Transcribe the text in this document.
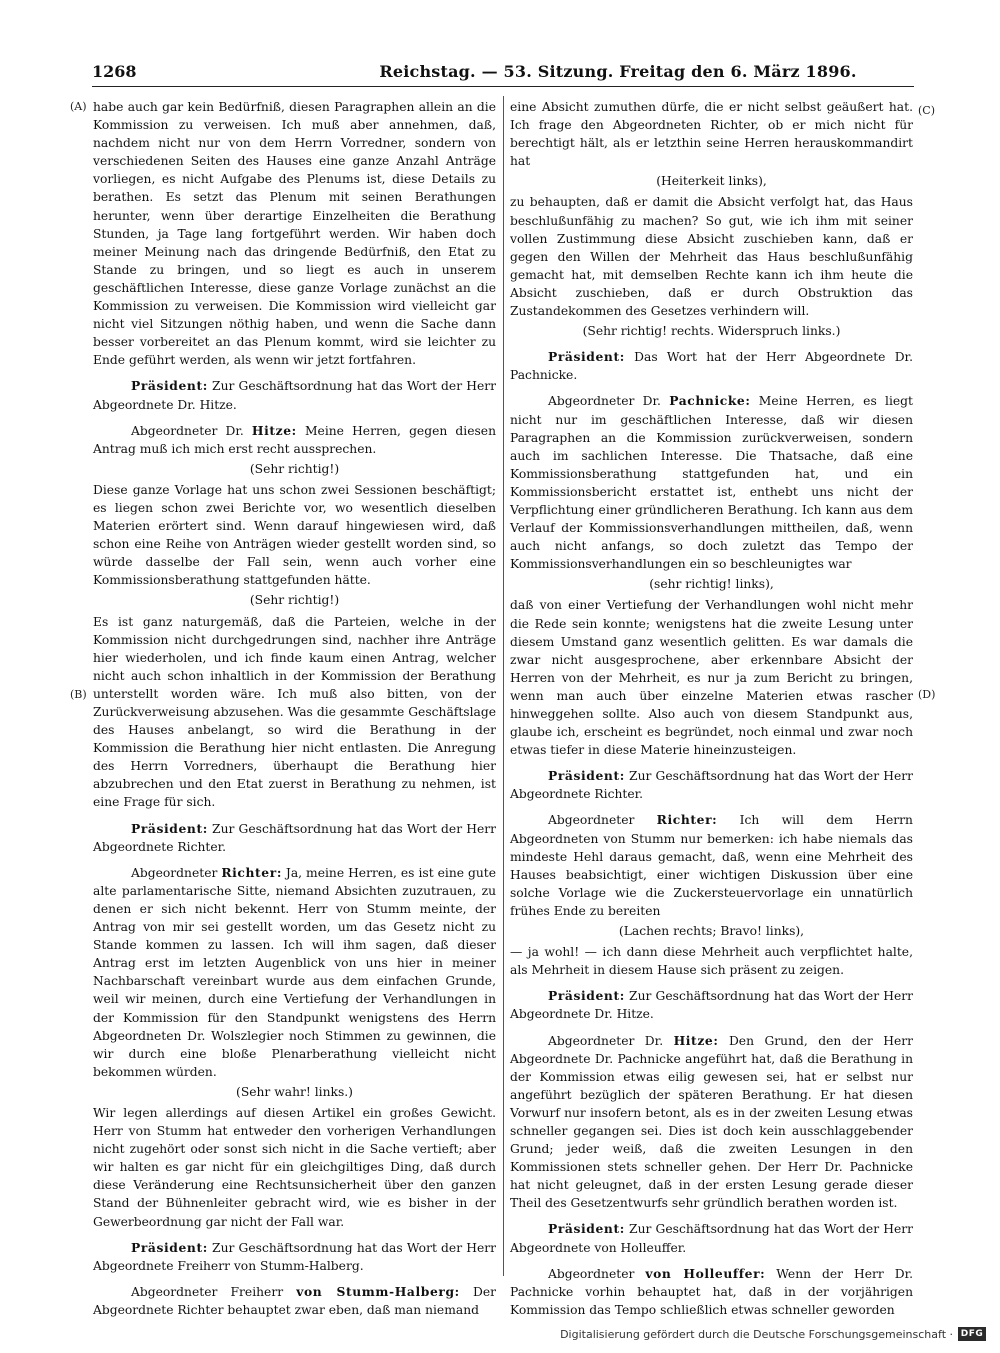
1268	Reichstag. — 53. Sitzung. Freitag den 6. März 1896.
(A)
(B)
(C)
(D)

habe auch gar kein Bedürfniß, diesen Paragraphen allein an die Kommission zu verweisen. Ich muß aber annehmen, daß, nachdem nicht nur von dem Herrn Vorredner, sondern von verschiedenen Seiten des Hauses eine ganze Anzahl Anträge vorliegen, es nicht Aufgabe des Plenums ist, diese Details zu berathen. Es setzt das Plenum mit seinen Berathungen herunter, wenn über derartige Einzelheiten die Berathung Stunden, ja Tage lang fortgeführt werden. Wir haben doch meiner Meinung nach das dringende Bedürfniß, den Etat zu Stande zu bringen, und so liegt es auch in unserem geschäftlichen Interesse, diese ganze Vorlage zunächst an die Kommission zu verweisen. Die Kommission wird vielleicht gar nicht viel Sitzungen nöthig haben, und wenn die Sache dann besser vorbereitet an das Plenum kommt, wird sie leichter zu Ende geführt werden, als wenn wir jetzt fortfahren.

Präsident: Zur Geschäftsordnung hat das Wort der Herr Abgeordnete Dr. Hitze.

Abgeordneter Dr. Hitze: Meine Herren, gegen diesen Antrag muß ich mich erst recht aussprechen.

(Sehr richtig!)

Diese ganze Vorlage hat uns schon zwei Sessionen beschäftigt; es liegen schon zwei Berichte vor, wo wesentlich dieselben Materien erörtert sind. Wenn darauf hingewiesen wird, daß schon eine Reihe von Anträgen wieder gestellt worden sind, so würde dasselbe der Fall sein, wenn auch vorher eine Kommissionsberathung stattgefunden hätte.

(Sehr richtig!)

Es ist ganz naturgemäß, daß die Parteien, welche in der Kommission nicht durchgedrungen sind, nachher ihre Anträge hier wiederholen, und ich finde kaum einen Antrag, welcher nicht auch schon inhaltlich in der Kommission der Berathung unterstellt worden wäre. Ich muß also bitten, von der Zurückverweisung abzusehen. Was die gesammte Geschäftslage des Hauses anbelangt, so wird die Berathung in der Kommission die Berathung hier nicht entlasten. Die Anregung des Herrn Vorredners, überhaupt die Berathung hier abzubrechen und den Etat zuerst in Berathung zu nehmen, ist eine Frage für sich.

Präsident: Zur Geschäftsordnung hat das Wort der Herr Abgeordnete Richter.

Abgeordneter Richter: Ja, meine Herren, es ist eine gute alte parlamentarische Sitte, niemand Absichten zuzutrauen, zu denen er sich nicht bekennt. Herr von Stumm meinte, der Antrag von mir sei gestellt worden, um das Gesetz nicht zu Stande kommen zu lassen. Ich will ihm sagen, daß dieser Antrag erst im letzten Augenblick von uns hier in meiner Nachbarschaft vereinbart wurde aus dem einfachen Grunde, weil wir meinen, durch eine Vertiefung der Verhandlungen in der Kommission für den Standpunkt wenigstens des Herrn Abgeordneten Dr. Wolszlegier noch Stimmen zu gewinnen, die wir durch eine bloße Plenarberathung vielleicht nicht bekommen würden.

(Sehr wahr! links.)

Wir legen allerdings auf diesen Artikel ein großes Gewicht. Herr von Stumm hat entweder den vorherigen Verhandlungen nicht zugehört oder sonst sich nicht in die Sache vertieft; aber wir halten es gar nicht für ein gleichgiltiges Ding, daß durch diese Veränderung eine Rechtsunsicherheit über den ganzen Stand der Bühnenleiter gebracht wird, wie es bisher in der Gewerbeordnung gar nicht der Fall war.

Präsident: Zur Geschäftsordnung hat das Wort der Herr Abgeordnete Freiherr von Stumm-Halberg.

Abgeordneter Freiherr von Stumm-Halberg: Der Abgeordnete Richter behauptet zwar eben, daß man niemand

eine Absicht zumuthen dürfe, die er nicht selbst geäußert hat. Ich frage den Abgeordneten Richter, ob er mich nicht für berechtigt hält, als er letzthin seine Herren herauskommandirt hat

(Heiterkeit links),

zu behaupten, daß er damit die Absicht verfolgt hat, das Haus beschlußunfähig zu machen? So gut, wie ich ihm mit seiner vollen Zustimmung diese Absicht zuschieben kann, daß er gegen den Willen der Mehrheit das Haus beschlußunfähig gemacht hat, mit demselben Rechte kann ich ihm heute die Absicht zuschieben, daß er durch Obstruktion das Zustandekommen des Gesetzes verhindern will.

(Sehr richtig! rechts. Widerspruch links.)

Präsident: Das Wort hat der Herr Abgeordnete Dr. Pachnicke.

Abgeordneter Dr. Pachnicke: Meine Herren, es liegt nicht nur im geschäftlichen Interesse, daß wir diesen Paragraphen an die Kommission zurückverweisen, sondern auch im sachlichen Interesse. Die Thatsache, daß eine Kommissionsberathung stattgefunden hat, und ein Kommissionsbericht erstattet ist, enthebt uns nicht der Verpflichtung einer gründlicheren Berathung. Ich kann aus dem Verlauf der Kommissionsverhandlungen mittheilen, daß, wenn auch nicht anfangs, so doch zuletzt das Tempo der Kommissionsverhandlungen ein so beschleunigtes war

(sehr richtig! links),

daß von einer Vertiefung der Verhandlungen wohl nicht mehr die Rede sein konnte; wenigstens hat die zweite Lesung unter diesem Umstand ganz wesentlich gelitten. Es war damals die zwar nicht ausgesprochene, aber erkennbare Absicht der Herren von der Mehrheit, es nur ja zum Bericht zu bringen, wenn man auch über einzelne Materien etwas rascher hinweggehen sollte. Also auch von diesem Standpunkt aus, glaube ich, erscheint es begründet, noch einmal und zwar noch etwas tiefer in diese Materie hineinzusteigen.

Präsident: Zur Geschäftsordnung hat das Wort der Herr Abgeordnete Richter.

Abgeordneter Richter: Ich will dem Herrn Abgeordneten von Stumm nur bemerken: ich habe niemals das mindeste Hehl daraus gemacht, daß, wenn eine Mehrheit des Hauses beabsichtigt, einer wichtigen Diskussion über eine solche Vorlage wie die Zuckersteuervorlage ein unnatürlich frühes Ende zu bereiten

(Lachen rechts; Bravo! links),

— ja wohl! — ich dann diese Mehrheit auch verpflichtet halte, als Mehrheit in diesem Hause sich präsent zu zeigen.

Präsident: Zur Geschäftsordnung hat das Wort der Herr Abgeordnete Dr. Hitze.

Abgeordneter Dr. Hitze: Den Grund, den der Herr Abgeordnete Dr. Pachnicke angeführt hat, daß die Berathung in der Kommission etwas eilig gewesen sei, hat er selbst nur angeführt bezüglich der späteren Berathung. Er hat diesen Vorwurf nur insofern betont, als es in der zweiten Lesung etwas schneller gegangen sei. Dies ist doch kein ausschlaggebender Grund; jeder weiß, daß die zweiten Lesungen in den Kommissionen stets schneller gehen. Der Herr Dr. Pachnicke hat nicht geleugnet, daß in der ersten Lesung gerade dieser Theil des Gesetzentwurfs sehr gründlich berathen worden ist.

Präsident: Zur Geschäftsordnung hat das Wort der Herr Abgeordnete von Holleuffer.

Abgeordneter von Holleuffer: Wenn der Herr Dr. Pachnicke vorhin behauptet hat, daß in der vorjährigen Kommission das Tempo schließlich etwas schneller geworden

Digitalisierung gefördert durch die Deutsche Forschungsgemeinschaft · DFG
